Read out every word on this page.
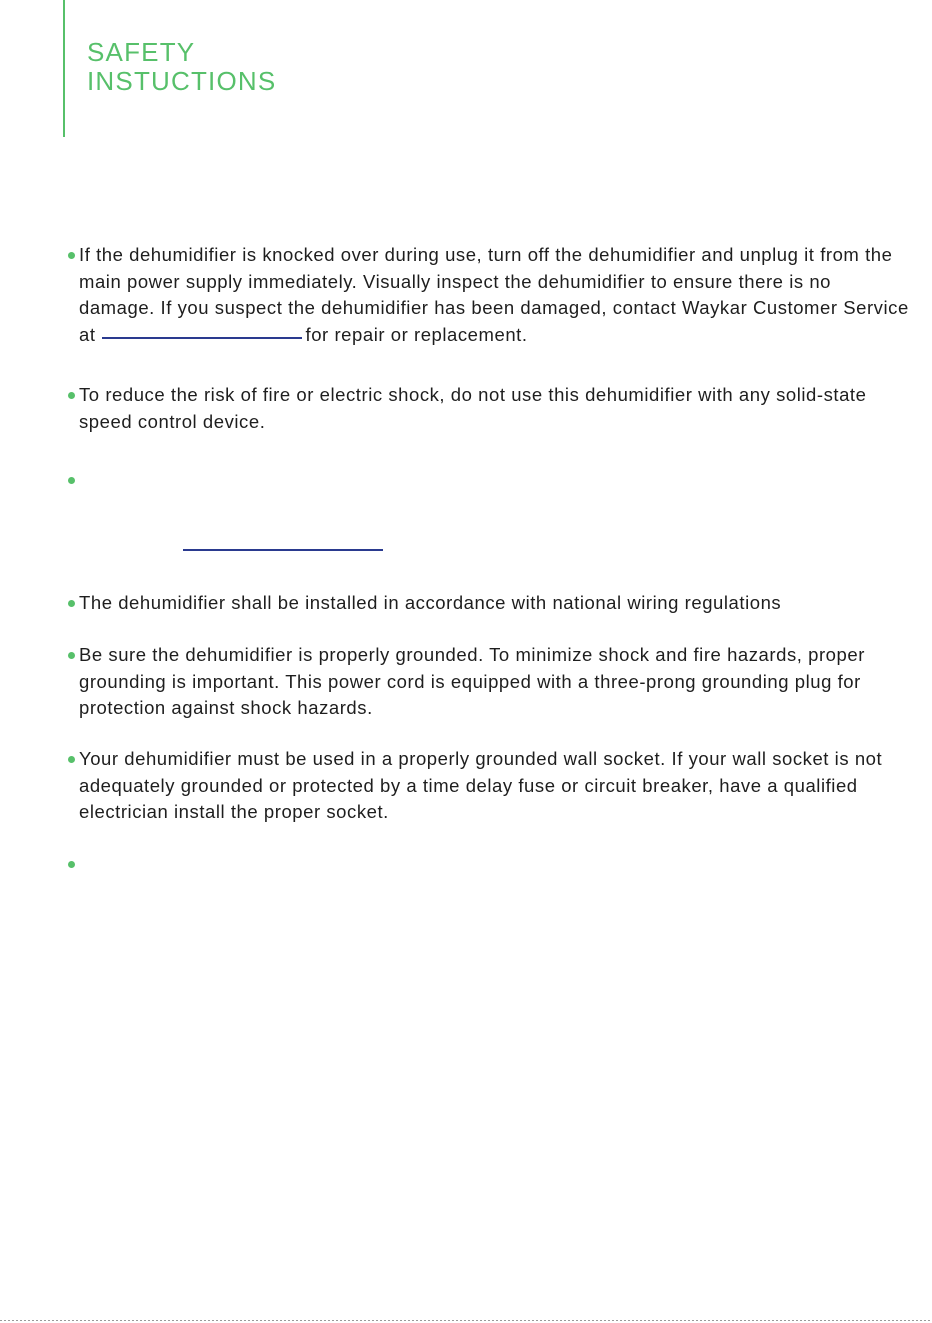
SAFETY
INSTUCTIONS
If the dehumidifier is knocked over during use, turn off the dehumidifier and unplug it from the main power supply immediately. Visually inspect the dehumidifier to ensure there is no damage. If you suspect the dehumidifier has been damaged, contact Waykar Customer Service at	for repair or replacement.
To reduce the risk of fire or electric shock, do not use this dehumidifier with any solid-state speed control device.
The dehumidifier shall be installed in accordance with national wiring regulations
Be sure the dehumidifier is properly grounded. To minimize shock and fire hazards, proper grounding is important. This power cord is equipped with a three-prong grounding plug for protection against shock hazards.
Your dehumidifier must be used in a properly grounded wall socket. If your wall socket is not adequately grounded or protected by a time delay fuse or circuit breaker, have a qualified electrician install the proper socket.
